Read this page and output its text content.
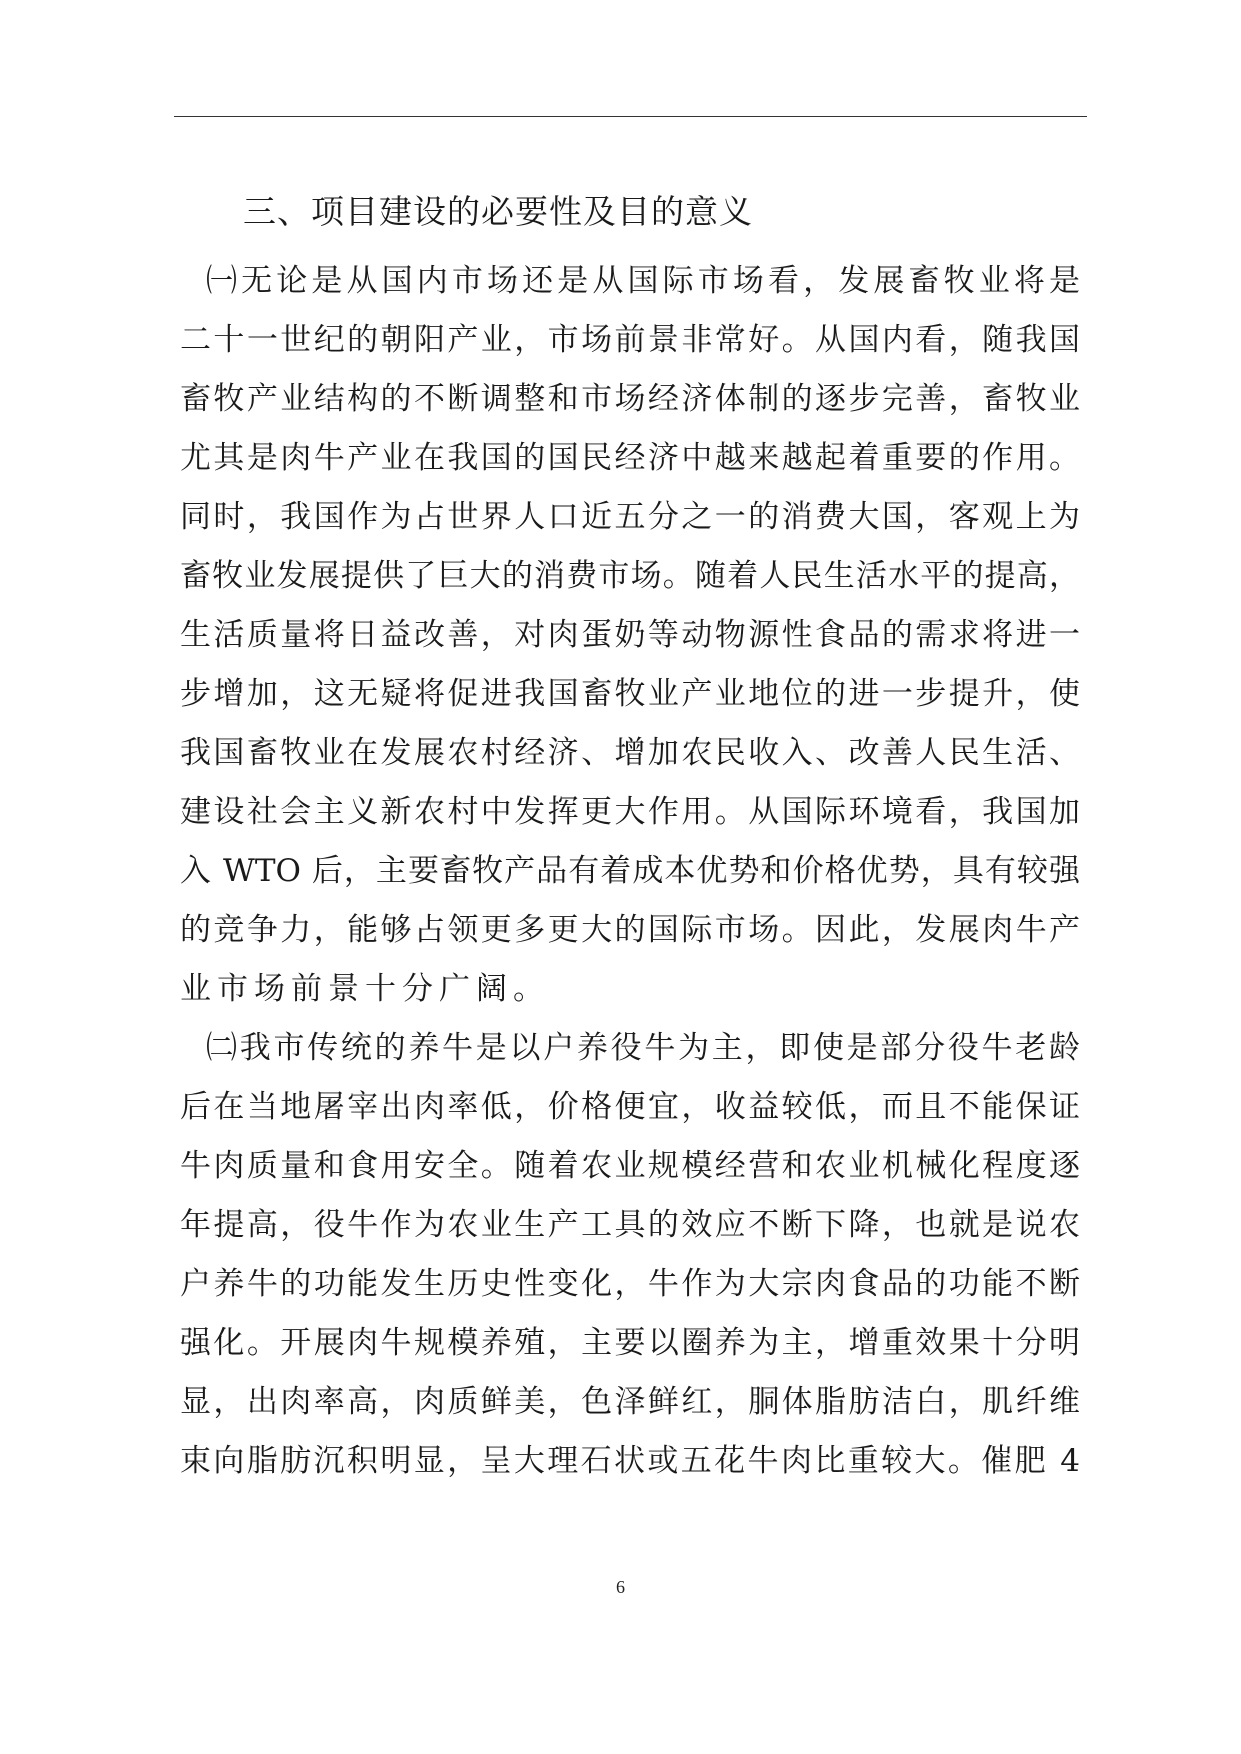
三、项目建设的必要性及目的意义
㈠无论是从国内市场还是从国际市场看，发展畜牧业将是
二十一世纪的朝阳产业，市场前景非常好。从国内看，随我国
畜牧产业结构的不断调整和市场经济体制的逐步完善，畜牧业
尤其是肉牛产业在我国的国民经济中越来越起着重要的作用。
同时，我国作为占世界人口近五分之一的消费大国，客观上为
畜牧业发展提供了巨大的消费市场。随着人民生活水平的提高，
生活质量将日益改善，对肉蛋奶等动物源性食品的需求将进一
步增加，这无疑将促进我国畜牧业产业地位的进一步提升，使
我国畜牧业在发展农村经济、增加农民收入、改善人民生活、
建设社会主义新农村中发挥更大作用。从国际环境看，我国加
入 WTO 后，主要畜牧产品有着成本优势和价格优势，具有较强
的竞争力，能够占领更多更大的国际市场。因此，发展肉牛产
业市场前景十分广阔。
㈡我市传统的养牛是以户养役牛为主，即使是部分役牛老龄
后在当地屠宰出肉率低，价格便宜，收益较低，而且不能保证
牛肉质量和食用安全。随着农业规模经营和农业机械化程度逐
年提高，役牛作为农业生产工具的效应不断下降，也就是说农
户养牛的功能发生历史性变化，牛作为大宗肉食品的功能不断
强化。开展肉牛规模养殖，主要以圈养为主，增重效果十分明
显，出肉率高，肉质鲜美，色泽鲜红，胴体脂肪洁白，肌纤维
束向脂肪沉积明显，呈大理石状或五花牛肉比重较大。催肥 4
6
